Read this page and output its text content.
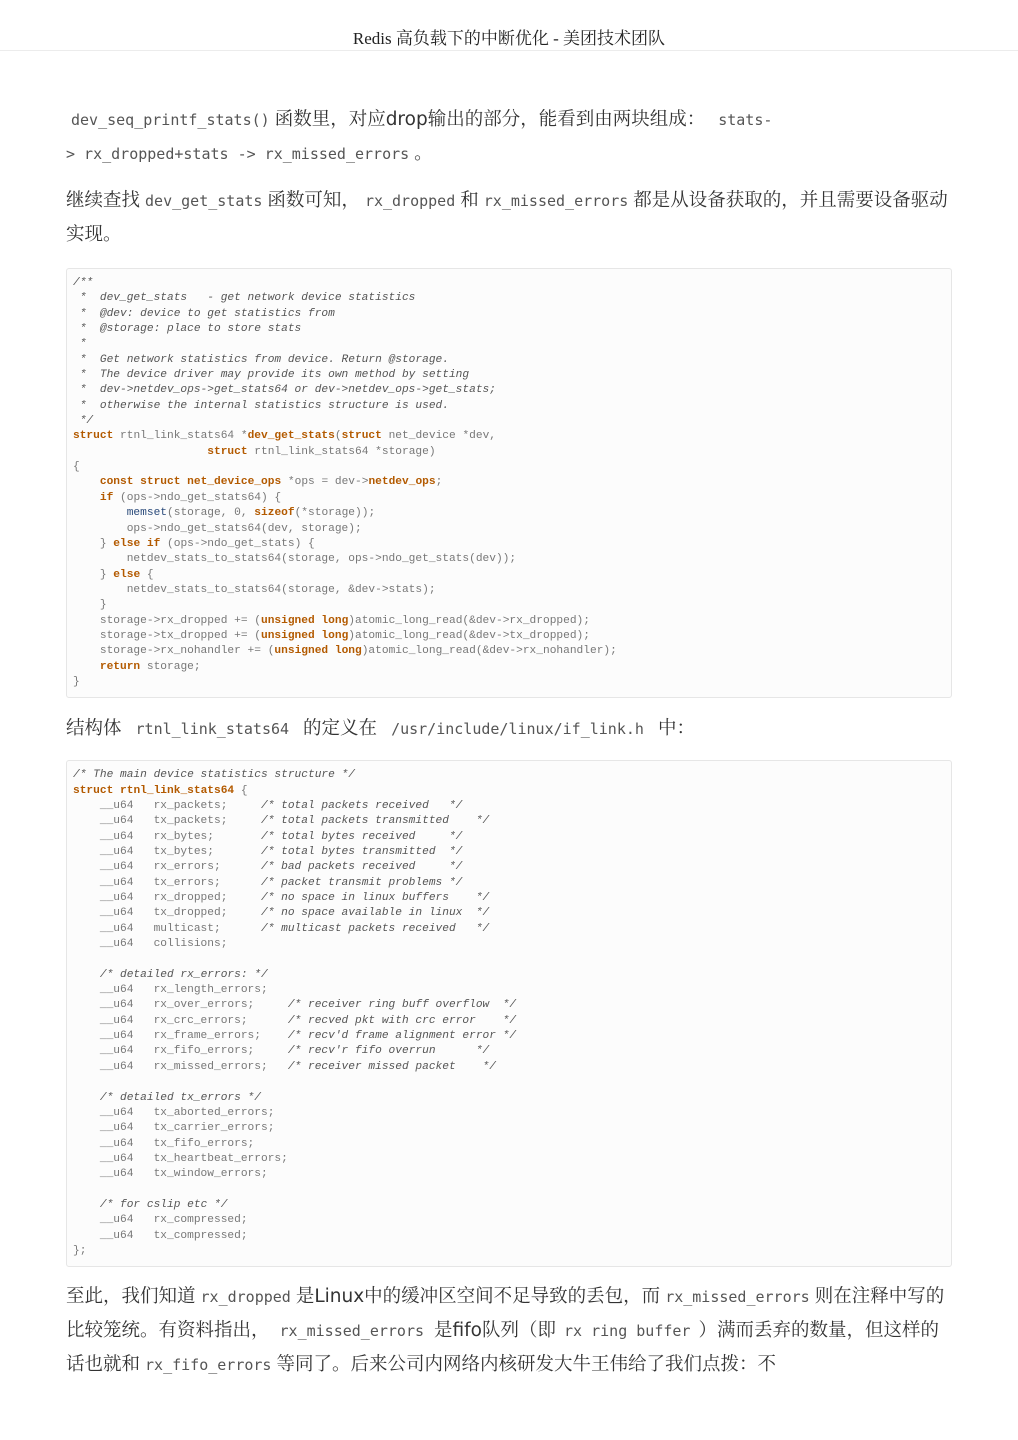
Redis 高负载下的中断优化 - 美团技术团队

dev_seq_printf_stats() 函数里，对应drop输出的部分，能看到由两块组成： stats-
> rx_dropped+stats -> rx_missed_errors 。

继续查找 dev_get_stats 函数可知， rx_dropped 和 rx_missed_errors 都是从设备获取的，并且需要设备驱动实现。

/**
*  dev_get_stats   - get network device statistics
*  @dev: device to get statistics from
*  @storage: place to store stats
*
*  Get network statistics from device. Return @storage.
*  The device driver may provide its own method by setting
*  dev->netdev_ops->get_stats64 or dev->netdev_ops->get_stats;
*  otherwise the internal statistics structure is used.
*/
struct rtnl_link_stats64 *dev_get_stats(struct net_device *dev,
struct rtnl_link_stats64 *storage)
{
const struct net_device_ops *ops = dev->netdev_ops;
if (ops->ndo_get_stats64) {
memset(storage, 0, sizeof(*storage));
ops->ndo_get_stats64(dev, storage);
} else if (ops->ndo_get_stats) {
netdev_stats_to_stats64(storage, ops->ndo_get_stats(dev));
} else {
netdev_stats_to_stats64(storage, &dev->stats);
}
storage->rx_dropped += (unsigned long)atomic_long_read(&dev->rx_dropped);
storage->tx_dropped += (unsigned long)atomic_long_read(&dev->tx_dropped);
storage->rx_nohandler += (unsigned long)atomic_long_read(&dev->rx_nohandler);
return storage;
}

结构体 rtnl_link_stats64 的定义在 /usr/include/linux/if_link.h 中：

/* The main device statistics structure */
struct rtnl_link_stats64 {
__u64   rx_packets;     /* total packets received   */
__u64   tx_packets;     /* total packets transmitted    */
__u64   rx_bytes;       /* total bytes received     */
__u64   tx_bytes;       /* total bytes transmitted  */
__u64   rx_errors;      /* bad packets received     */
__u64   tx_errors;      /* packet transmit problems */
__u64   rx_dropped;     /* no space in linux buffers    */
__u64   tx_dropped;     /* no space available in linux  */
__u64   multicast;      /* multicast packets received   */
__u64   collisions;

/* detailed rx_errors: */
__u64   rx_length_errors;
__u64   rx_over_errors;     /* receiver ring buff overflow  */
__u64   rx_crc_errors;      /* recved pkt with crc error    */
__u64   rx_frame_errors;    /* recv'd frame alignment error */
__u64   rx_fifo_errors;     /* recv'r fifo overrun      */
__u64   rx_missed_errors;   /* receiver missed packet    */

/* detailed tx_errors */
__u64   tx_aborted_errors;
__u64   tx_carrier_errors;
__u64   tx_fifo_errors;
__u64   tx_heartbeat_errors;
__u64   tx_window_errors;

/* for cslip etc */
__u64   rx_compressed;
__u64   tx_compressed;
};

至此，我们知道 rx_dropped 是Linux中的缓冲区空间不足导致的丢包，而 rx_missed_errors 则在注释中写的比较笼统。有资料指出， rx_missed_errors 是fifo队列（即 rx ring buffer ）满而丢弃的数量，但这样的话也就和 rx_fifo_errors 等同了。后来公司内网络内核研发大牛王伟给了我们点拨：不
